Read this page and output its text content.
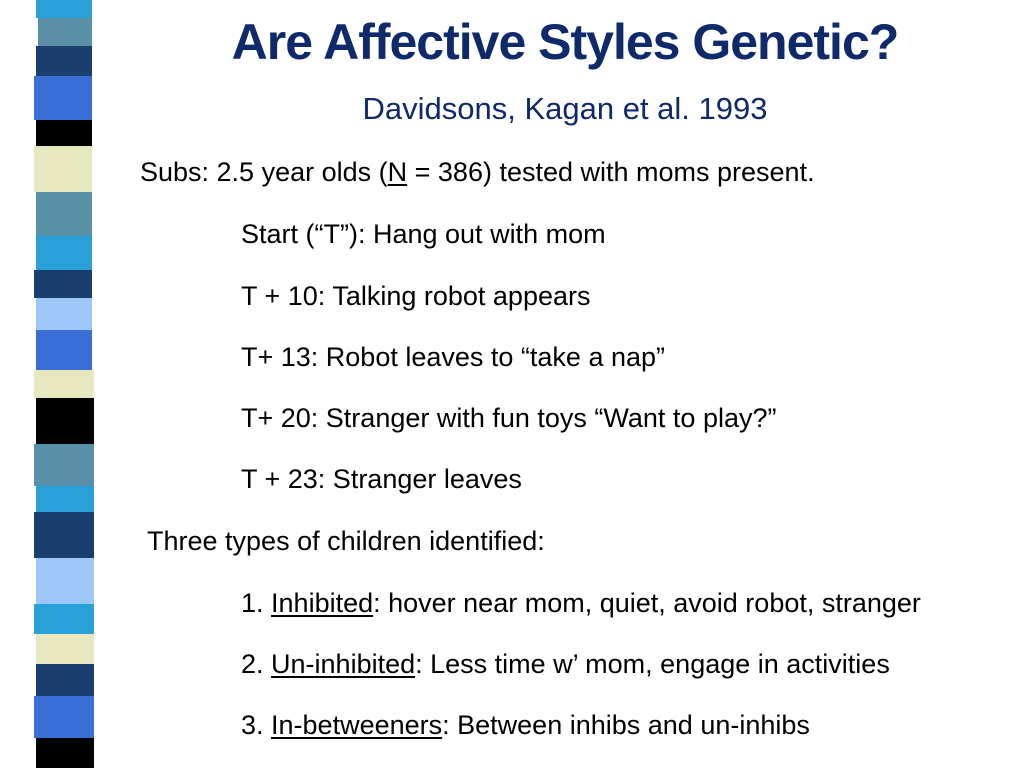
Are Affective Styles Genetic?
Davidsons, Kagan et al. 1993
Subs: 2.5 year olds (N = 386) tested with moms present.
Start (“T”): Hang out with mom
T + 10: Talking robot appears
T+ 13: Robot leaves to “take a nap”
T+ 20: Stranger with fun toys “Want to play?”
T + 23: Stranger leaves
Three types of children identified:
1. Inhibited: hover near mom, quiet, avoid robot, stranger
2. Un-inhibited: Less time w’ mom, engage in activities
3. In-betweeners: Between inhibs and un-inhibs
